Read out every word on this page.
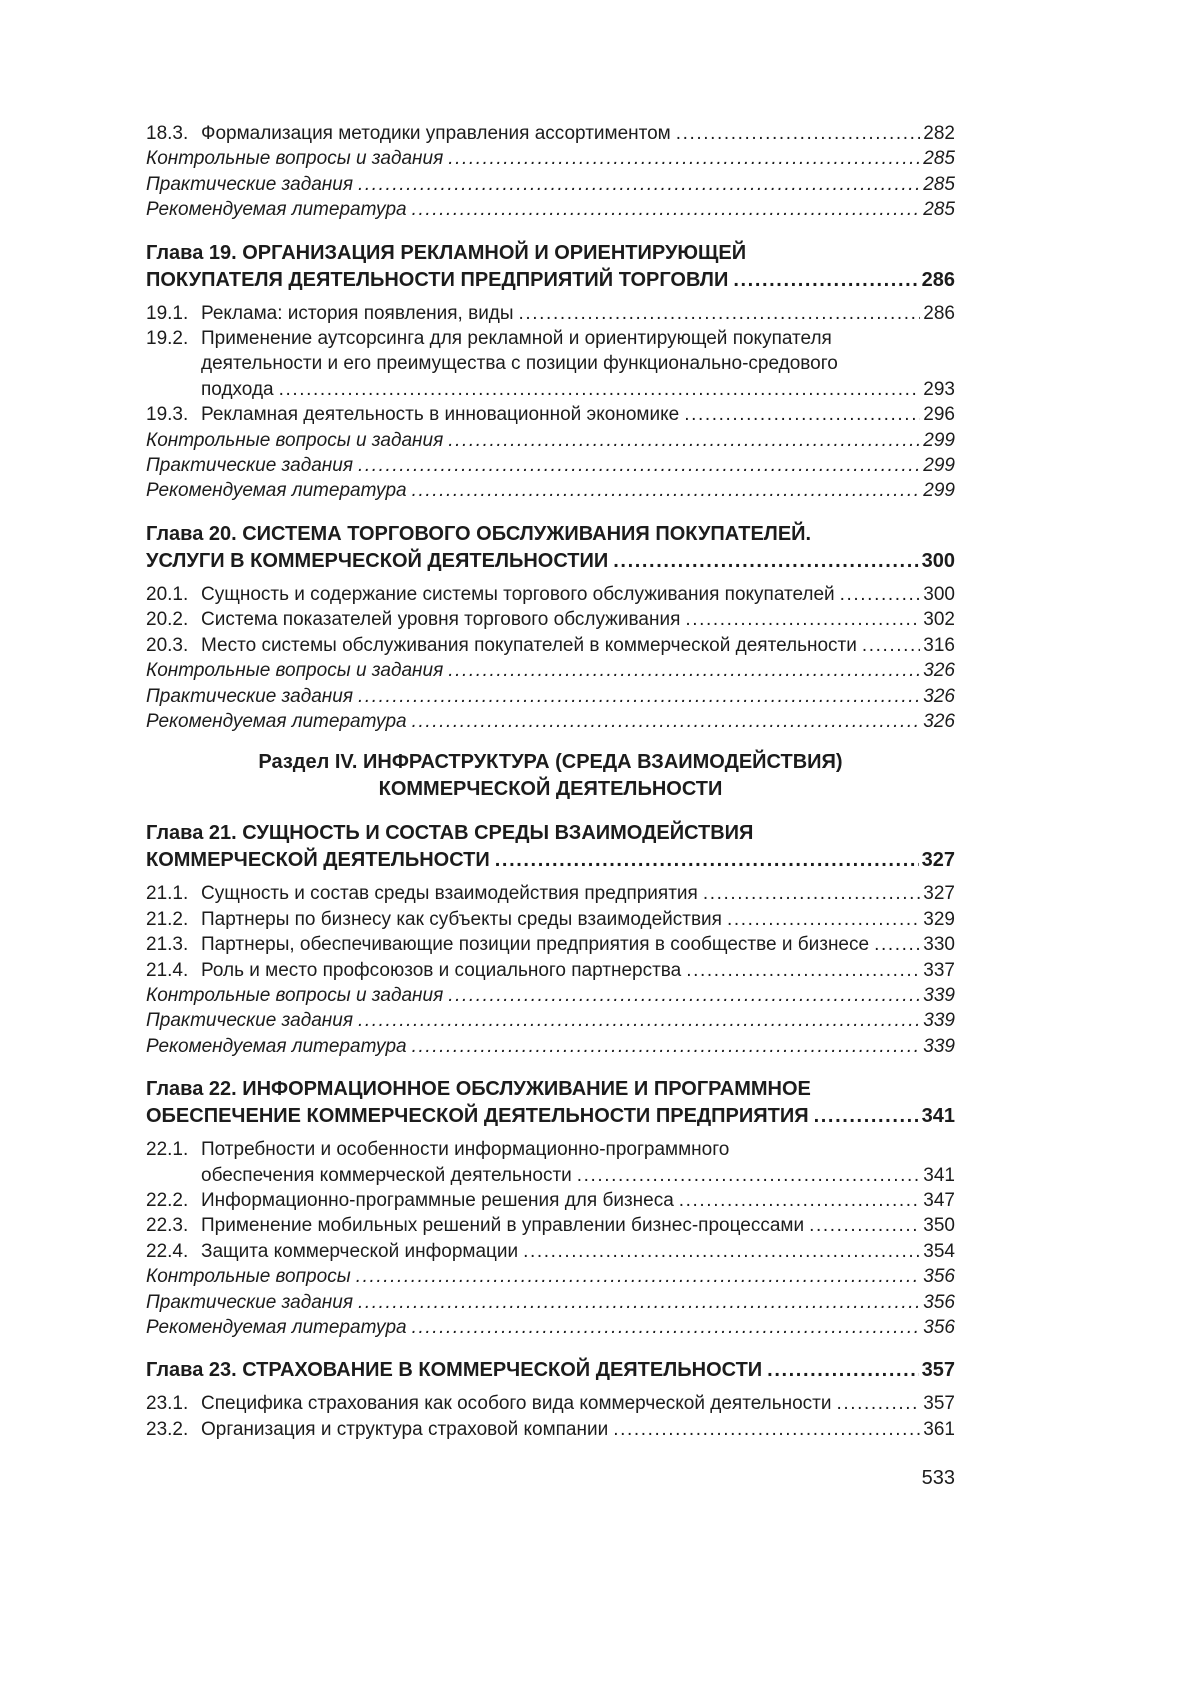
18.3. Формализация методики управления ассортиментом .....	282
Контрольные вопросы и задания .....	285
Практические задания .....	285
Рекомендуемая литература .....	285
Глава 19. ОРГАНИЗАЦИЯ РЕКЛАМНОЙ И ОРИЕНТИРУЮЩЕЙ
ПОКУПАТЕЛЯ ДЕЯТЕЛЬНОСТИ ПРЕДПРИЯТИЙ ТОРГОВЛИ .....	286
19.1. Реклама: история появления, виды .....	286
19.2. Применение аутсорсинга для рекламной и ориентирующей покупателя
деятельности и его преимущества с позиции функционально-средового
подхода .....	293
19.3. Рекламная деятельность в инновационной экономике .....	296
Контрольные вопросы и задания .....	299
Практические задания .....	299
Рекомендуемая литература .....	299
Глава 20. СИСТЕМА ТОРГОВОГО ОБСЛУЖИВАНИЯ ПОКУПАТЕЛЕЙ.
УСЛУГИ В КОММЕРЧЕСКОЙ ДЕЯТЕЛЬНОСТИИ .....	300
20.1. Сущность и содержание системы торгового обслуживания покупателей .....	300
20.2. Система показателей уровня торгового обслуживания .....	302
20.3. Место системы обслуживания покупателей в коммерческой деятельности .....	316
Контрольные вопросы и задания .....	326
Практические задания .....	326
Рекомендуемая литература .....	326
Раздел IV. ИНФРАСТРУКТУРА (СРЕДА ВЗАИМОДЕЙСТВИЯ)
КОММЕРЧЕСКОЙ ДЕЯТЕЛЬНОСТИ
Глава 21. СУЩНОСТЬ И СОСТАВ СРЕДЫ ВЗАИМОДЕЙСТВИЯ
КОММЕРЧЕСКОЙ ДЕЯТЕЛЬНОСТИ .....	327
21.1. Сущность и состав среды взаимодействия предприятия .....	327
21.2. Партнеры по бизнесу как субъекты среды взаимодействия .....	329
21.3. Партнеры, обеспечивающие позиции предприятия в сообществе и бизнесе .....	330
21.4. Роль и место профсоюзов и социального партнерства .....	337
Контрольные вопросы и задания .....	339
Практические задания .....	339
Рекомендуемая литература .....	339
Глава 22. ИНФОРМАЦИОННОЕ ОБСЛУЖИВАНИЕ И ПРОГРАММНОЕ
ОБЕСПЕЧЕНИЕ КОММЕРЧЕСКОЙ ДЕЯТЕЛЬНОСТИ ПРЕДПРИЯТИЯ .....	341
22.1. Потребности и особенности информационно-программного
обеспечения коммерческой деятельности .....	341
22.2. Информационно-программные решения для бизнеса .....	347
22.3. Применение мобильных решений в управлении бизнес-процессами .....	350
22.4. Защита коммерческой информации .....	354
Контрольные вопросы .....	356
Практические задания .....	356
Рекомендуемая литература .....	356
Глава 23. СТРАХОВАНИЕ В КОММЕРЧЕСКОЙ ДЕЯТЕЛЬНОСТИ .....	357
23.1. Специфика страхования как особого вида коммерческой деятельности .....	357
23.2. Организация и структура страховой компании .....	361
533
